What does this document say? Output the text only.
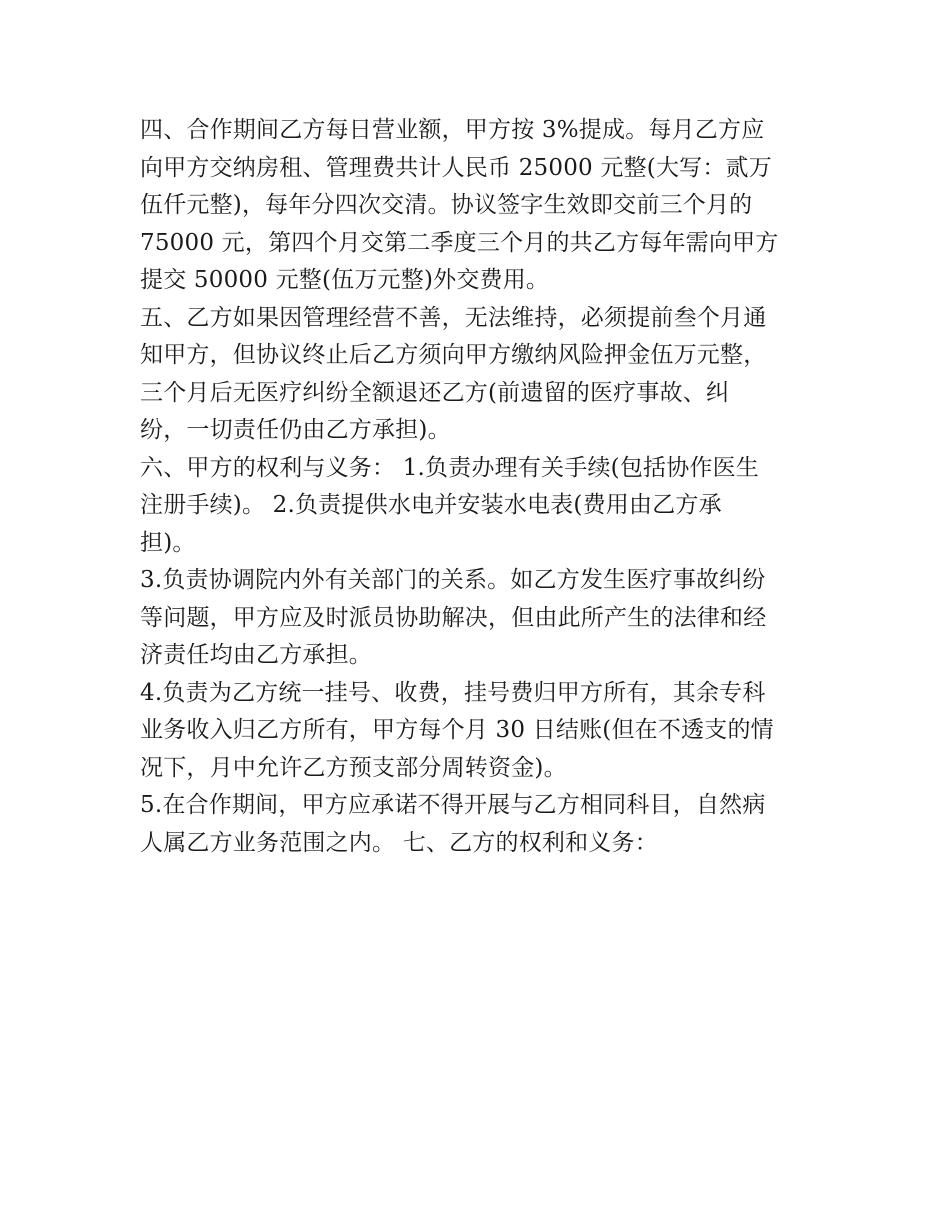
四、合作期间乙方每日营业额，甲方按 3%提成。每月乙方应
向甲方交纳房租、管理费共计人民币 25000 元整(大写：贰万
伍仟元整)，每年分四次交清。协议签字生效即交前三个月的
75000 元，第四个月交第二季度三个月的共乙方每年需向甲方
提交 50000 元整(伍万元整)外交费用。
五、乙方如果因管理经营不善，无法维持，必须提前叁个月通
知甲方，但协议终止后乙方须向甲方缴纳风险押金伍万元整，
三个月后无医疗纠纷全额退还乙方(前遗留的医疗事故、纠
纷，一切责任仍由乙方承担)。
六、甲方的权利与义务： 1.负责办理有关手续(包括协作医生
注册手续)。 2.负责提供水电并安装水电表(费用由乙方承
担)。
3.负责协调院内外有关部门的关系。如乙方发生医疗事故纠纷
等问题，甲方应及时派员协助解决，但由此所产生的法律和经
济责任均由乙方承担。
4.负责为乙方统一挂号、收费，挂号费归甲方所有，其余专科
业务收入归乙方所有，甲方每个月 30 日结账(但在不透支的情
况下，月中允许乙方预支部分周转资金)。
5.在合作期间，甲方应承诺不得开展与乙方相同科目，自然病
人属乙方业务范围之内。 七、乙方的权利和义务：
